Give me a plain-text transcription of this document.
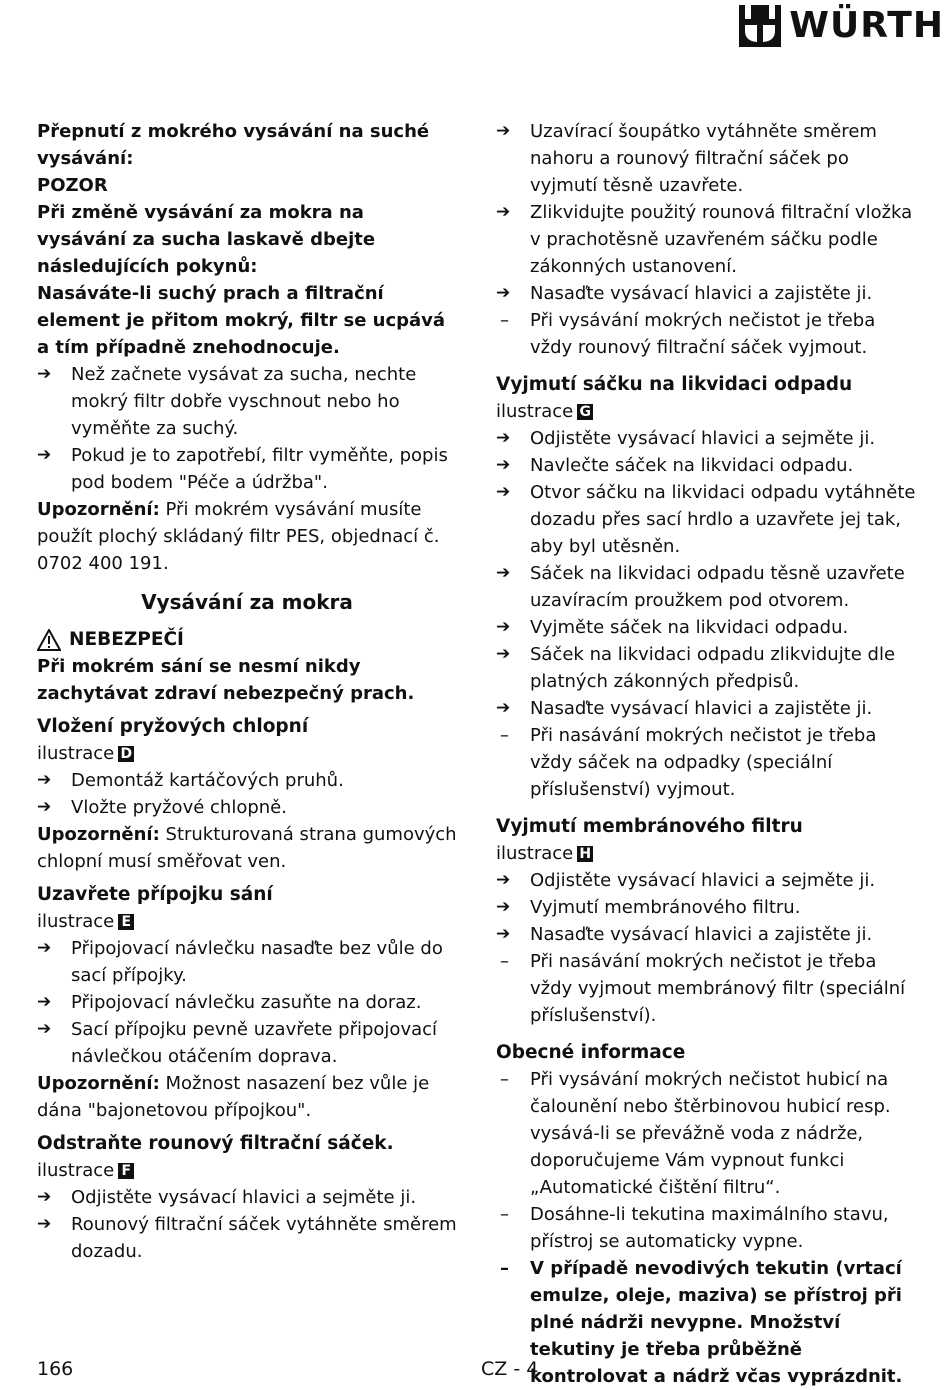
WÜRTH

Přepnutí z mokrého vysávání na suché vysávání:

POZOR

Při změně vysávání za mokra na vysávání za sucha laskavě dbejte následujících pokynů:

Nasáváte-li suchý prach a filtrační element je přitom mokrý, filtr se ucpává a tím případně znehodnocuje.

➔	Než začnete vysávat za sucha, nechte mokrý filtr dobře vyschnout nebo ho vyměňte za suchý.
➔	Pokud je to zapotřebí, filtr vyměňte, popis pod bodem "Péče a údržba".

Upozornění: Při mokrém vysávání musíte použít plochý skládaný filtr PES, objednací č. 0702 400 191.

Vysávání za mokra
NEBEZPEČÍ

Při mokrém sání se nesmí nikdy zachytávat zdraví nebezpečný prach.

Vložení pryžových chlopní

ilustrace D

➔	Demontáž kartáčových pruhů.
➔	Vložte pryžové chlopně.

Upozornění: Strukturovaná strana gumových chlopní musí směřovat ven.

Uzavřete přípojku sání

ilustrace E

➔	Připojovací návlečku nasaďte bez vůle do sací přípojky.
➔	Připojovací návlečku zasuňte na doraz.
➔	Sací přípojku pevně uzavřete připojovací návlečkou otáčením doprava.

Upozornění: Možnost nasazení bez vůle je dána "bajonetovou přípojkou".

Odstraňte rounový filtrační sáček.

ilustrace F

➔	Odjistěte vysávací hlavici a sejměte ji.
➔	Rounový filtrační sáček vytáhněte směrem dozadu.
➔	Uzavírací šoupátko vytáhněte směrem nahoru a rounový filtrační sáček po vyjmutí těsně uzavřete.
➔	Zlikvidujte použitý rounová filtrační vložka v prachotěsně uzavřeném sáčku podle zákonných ustanovení.
➔	Nasaďte vysávací hlavici a zajistěte ji.
–	Při vysávání mokrých nečistot je třeba vždy rounový filtrační sáček vyjmout.

Vyjmutí sáčku na likvidaci odpadu

ilustrace G

➔	Odjistěte vysávací hlavici a sejměte ji.
➔	Navlečte sáček na likvidaci odpadu.
➔	Otvor sáčku na likvidaci odpadu vytáhněte dozadu přes sací hrdlo a uzavřete jej tak, aby byl utěsněn.
➔	Sáček na likvidaci odpadu těsně uzavřete uzavíracím proužkem pod otvorem.
➔	Vyjměte sáček na likvidaci odpadu.
➔	Sáček na likvidaci odpadu zlikvidujte dle platných zákonných předpisů.
➔	Nasaďte vysávací hlavici a zajistěte ji.
–	Při nasávání mokrých nečistot je třeba vždy sáček na odpadky (speciální příslušenství) vyjmout.

Vyjmutí membránového filtru

ilustrace H

➔	Odjistěte vysávací hlavici a sejměte ji.
➔	Vyjmutí membránového filtru.
➔	Nasaďte vysávací hlavici a zajistěte ji.
–	Při nasávání mokrých nečistot je třeba vždy vyjmout membránový filtr (speciální příslušenství).

Obecné informace

–	Při vysávání mokrých nečistot hubicí na čalounění nebo štěrbinovou hubicí resp. vysává-li se převážně voda z nádrže, doporučujeme Vám vypnout funkci „Automatické čištění filtru“.
–	Dosáhne-li tekutina maximálního stavu, přístroj se automaticky vypne.
–	V případě nevodivých tekutin (vrtací emulze, oleje, maziva) se přístroj při plné nádrži nevypne. Množství tekutiny je třeba průběžně kontrolovat a nádrž včas vyprázdnit.
166	CZ - 4
